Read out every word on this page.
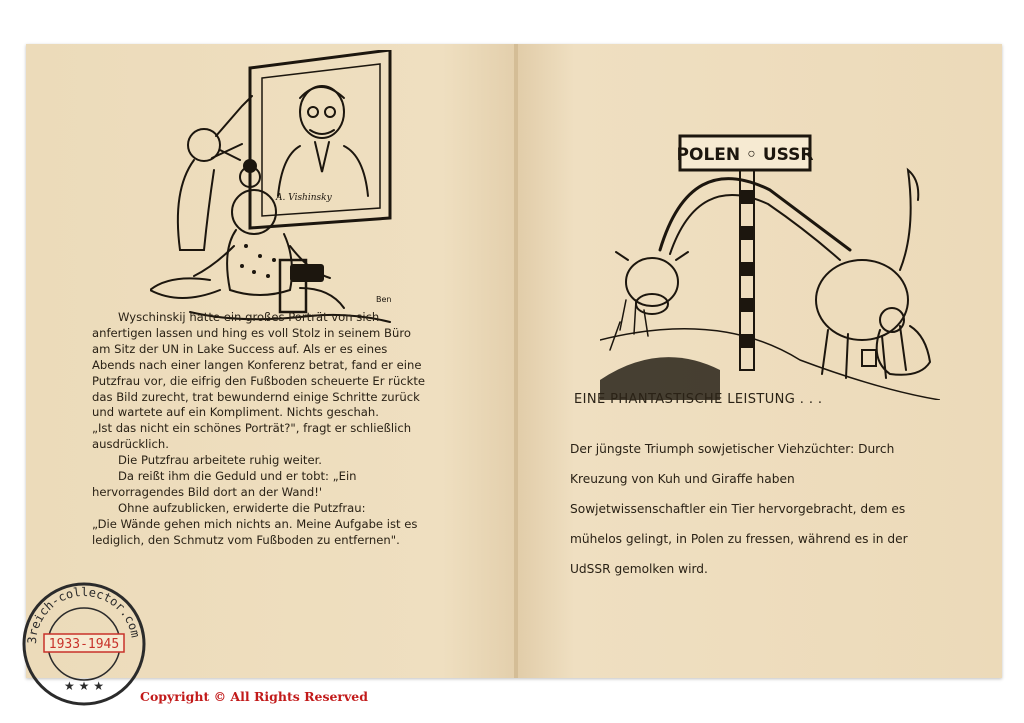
A. Vishinsky
Ben

Wyschinskij hatte ein großes Porträt von sich anfertigen lassen und hing es voll Stolz in seinem Büro am Sitz der UN in Lake Success auf. Als er es eines Abends nach einer langen Konferenz betrat, fand er eine Putzfrau vor, die eifrig den Fußboden scheuerte Er rückte das Bild zurecht, trat bewundernd einige Schritte zurück und wartete auf ein Kompliment. Nichts geschah.

„Ist das nicht ein schönes Porträt?", fragt er schließlich ausdrücklich.

Die Putzfrau arbeitete ruhig weiter.

Da reißt ihm die Geduld und er tobt: „Ein hervorragendes Bild dort an der Wand!'

Ohne aufzublicken, erwiderte die Putzfrau:

„Die Wände gehen mich nichts an. Meine Aufgabe ist es lediglich, den Schmutz vom Fußboden zu entfernen".

POLEN ◦ USSR
EINE PHANTASTISCHE LEISTUNG . . .

Der jüngste Triumph sowjetischer Viehzüchter: Durch Kreuzung von Kuh und Giraffe haben Sowjetwissenschaftler ein Tier hervorgebracht, dem es mühelos gelingt, in Polen zu fressen, während es in der UdSSR gemolken wird.

3reich-collector.com
1933-1945
★ ★ ★
Copyright © All Rights Reserved
